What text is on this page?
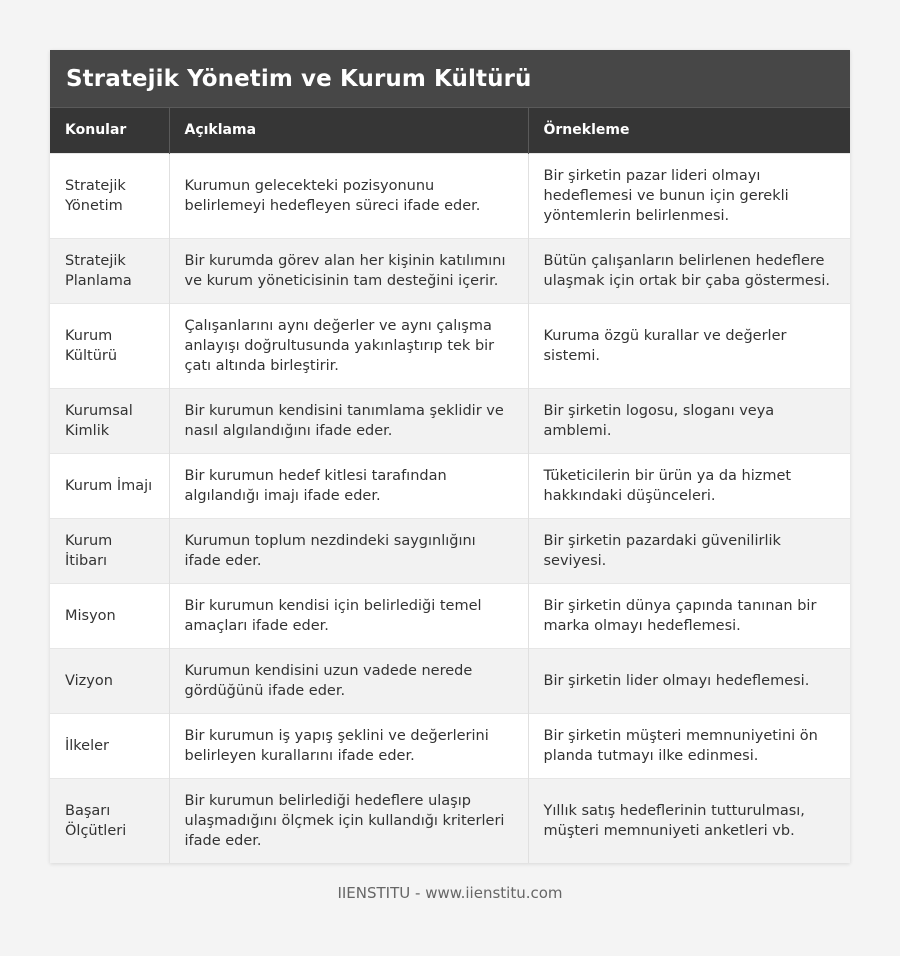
Stratejik Yönetim ve Kurum Kültürü
Konular	Açıklama	Örnekleme
Stratejik Yönetim	Kurumun gelecekteki pozisyonunu belirlemeyi hedefleyen süreci ifade eder.	Bir şirketin pazar lideri olmayı hedeflemesi ve bunun için gerekli yöntemlerin belirlenmesi.
Stratejik Planlama	Bir kurumda görev alan her kişinin katılımını ve kurum yöneticisinin tam desteğini içerir.	Bütün çalışanların belirlenen hedeflere ulaşmak için ortak bir çaba göstermesi.
Kurum Kültürü	Çalışanlarını aynı değerler ve aynı çalışma anlayışı doğrultusunda yakınlaştırıp tek bir çatı altında birleştirir.	Kuruma özgü kurallar ve değerler sistemi.
Kurumsal Kimlik	Bir kurumun kendisini tanımlama şeklidir ve nasıl algılandığını ifade eder.	Bir şirketin logosu, sloganı veya amblemi.
Kurum İmajı	Bir kurumun hedef kitlesi tarafından algılandığı imajı ifade eder.	Tüketicilerin bir ürün ya da hizmet hakkındaki düşünceleri.
Kurum İtibarı	Kurumun toplum nezdindeki saygınlığını ifade eder.	Bir şirketin pazardaki güvenilirlik seviyesi.
Misyon	Bir kurumun kendisi için belirlediği temel amaçları ifade eder.	Bir şirketin dünya çapında tanınan bir marka olmayı hedeflemesi.
Vizyon	Kurumun kendisini uzun vadede nerede gördüğünü ifade eder.	Bir şirketin lider olmayı hedeflemesi.
İlkeler	Bir kurumun iş yapış şeklini ve değerlerini belirleyen kurallarını ifade eder.	Bir şirketin müşteri memnuniyetini ön planda tutmayı ilke edinmesi.
Başarı Ölçütleri	Bir kurumun belirlediği hedeflere ulaşıp ulaşmadığını ölçmek için kullandığı kriterleri ifade eder.	Yıllık satış hedeflerinin tutturulması, müşteri memnuniyeti anketleri vb.
IIENSTITU - www.iienstitu.com
